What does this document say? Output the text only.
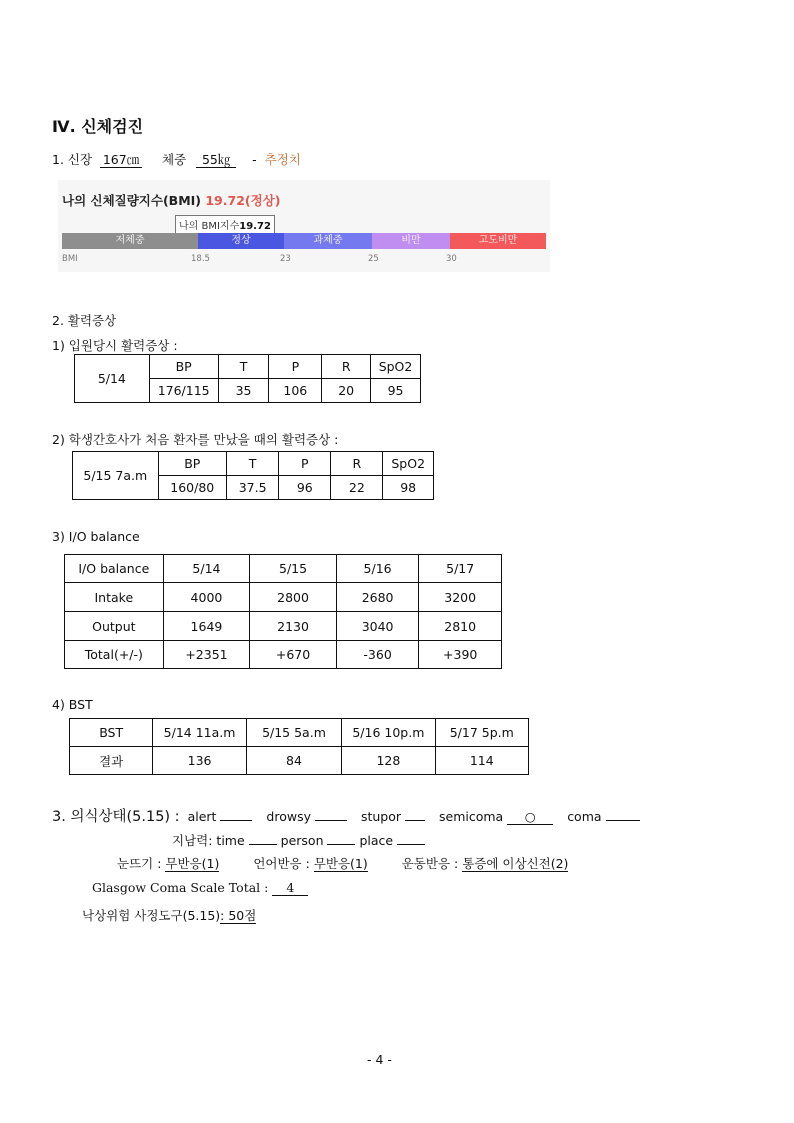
Ⅳ. 신체검진
1. 신장 167㎝ 체중 55㎏ - 추정치
나의 신체질량지수(BMI) 19.72(정상)
나의 BMI지수19.72
저체중	정상	과체중	비만	고도비만
BMI	18.5	23	25	30
2. 활력증상
1) 입원당시 활력증상 :
5/14	BP	T	P	R	SpO2
	176/115	35	106	20	95
2) 학생간호사가 처음 환자를 만났을 때의 활력증상 :
5/15 7a.m	BP	T	P	R	SpO2
	160/80	37.5	96	22	98
3) I/O balance
I/O balance	5/14	5/15	5/16	5/17
Intake	4000	2800	2680	3200
Output	1649	2130	3040	2810
Total(+/-)	+2351	+670	-360	+390
4) BST
BST	5/14 11a.m	5/15 5a.m	5/16 10p.m	5/17 5p.m
결과	136	84	128	114
3. 의식상태(5.15) : alert	drowsy	stupor	semicoma ○	coma
지남력: time	person	place
눈뜨기 : 무반응(1)	언어반응 : 무반응(1)	운동반응 : 통증에 이상신전(2)
Glasgow Coma Scale Total : 4
낙상위험 사정도구(5.15): 50점
- 4 -
